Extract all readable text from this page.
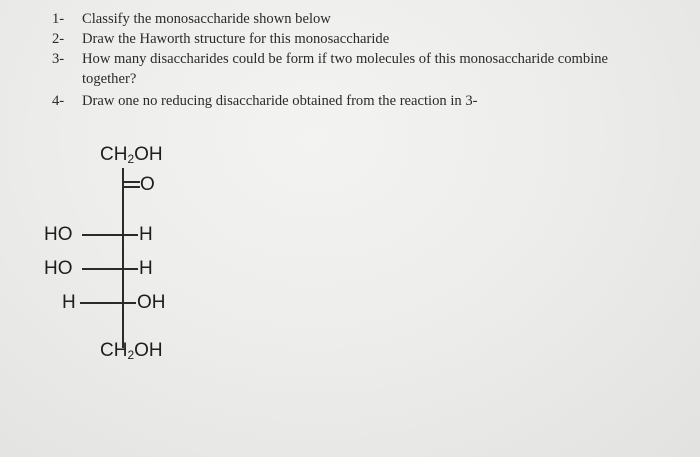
1- Classify the monosaccharide shown below
2- Draw the Haworth structure for this monosaccharide
3- How many disaccharides could be form if two molecules of this monosaccharide combine together?
4- Draw one no reducing disaccharide obtained from the reaction in 3-
$CH_2OH$
O
HO	H
HO	H
H	OH
$CH_2OH$
